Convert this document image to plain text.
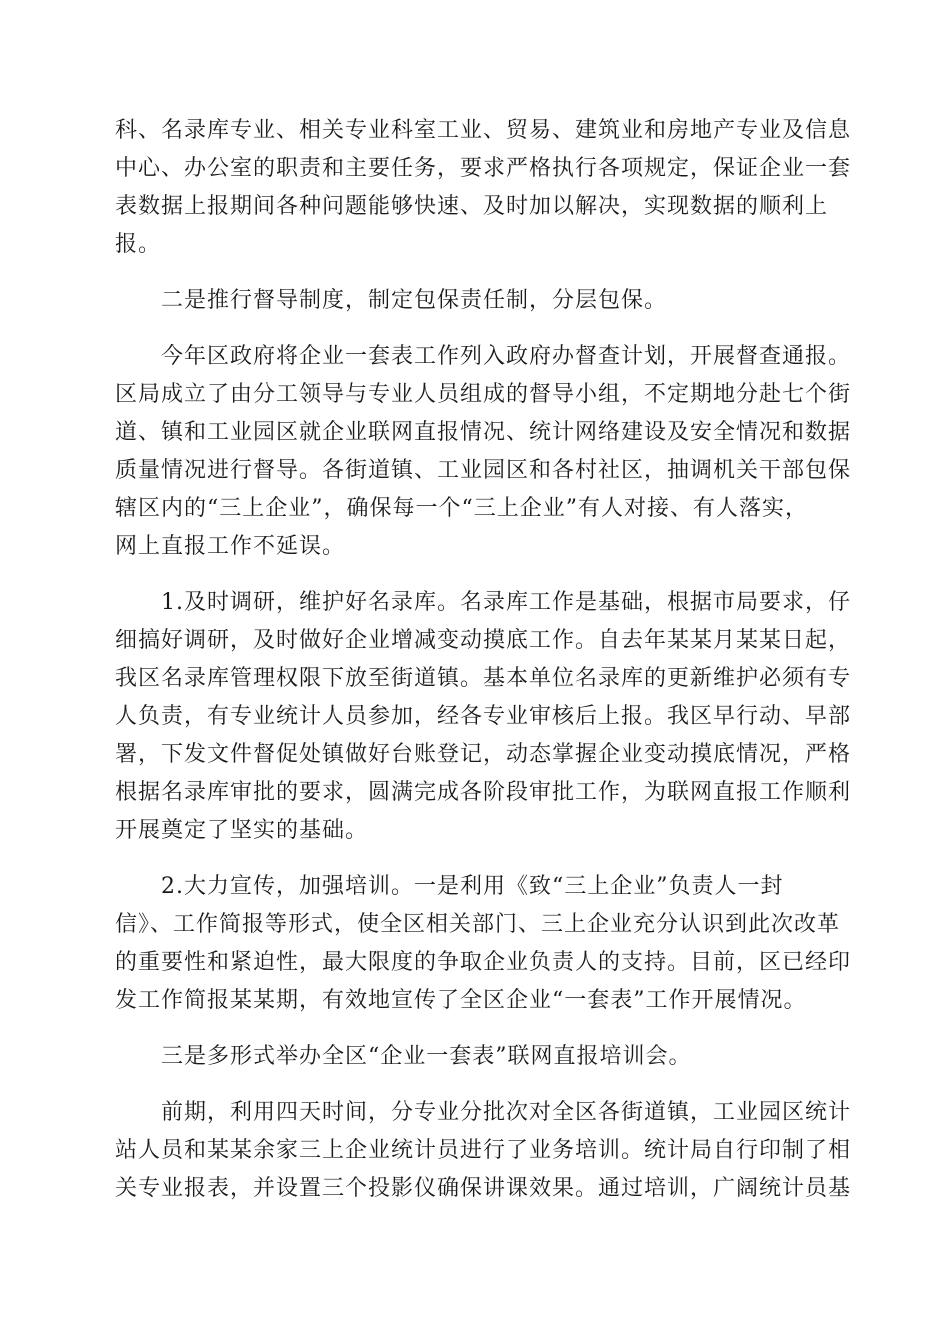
科、名录库专业、相关专业科室工业、贸易、建筑业和房地产专业及信息
中心、办公室的职责和主要任务，要求严格执行各项规定，保证企业一套
表数据上报期间各种问题能够快速、及时加以解决，实现数据的顺利上
报。

二是推行督导制度，制定包保责任制，分层包保。

今年区政府将企业一套表工作列入政府办督查计划，开展督查通报。
区局成立了由分工领导与专业人员组成的督导小组，不定期地分赴七个街
道、镇和工业园区就企业联网直报情况、统计网络建设及安全情况和数据
质量情况进行督导。各街道镇、工业园区和各村社区，抽调机关干部包保
辖区内的“三上企业”，确保每一个“三上企业”有人对接、有人落实，
网上直报工作不延误。

1.及时调研，维护好名录库。名录库工作是基础，根据市局要求，仔
细搞好调研，及时做好企业增减变动摸底工作。自去年某某月某某日起，
我区名录库管理权限下放至街道镇。基本单位名录库的更新维护必须有专
人负责，有专业统计人员参加，经各专业审核后上报。我区早行动、早部
署，下发文件督促处镇做好台账登记，动态掌握企业变动摸底情况，严格
根据名录库审批的要求，圆满完成各阶段审批工作，为联网直报工作顺利
开展奠定了坚实的基础。

2.大力宣传，加强培训。一是利用《致“三上企业”负责人一封
信》、工作简报等形式，使全区相关部门、三上企业充分认识到此次改革
的重要性和紧迫性，最大限度的争取企业负责人的支持。目前，区已经印
发工作简报某某期，有效地宣传了全区企业“一套表”工作开展情况。

三是多形式举办全区“企业一套表”联网直报培训会。

前期，利用四天时间，分专业分批次对全区各街道镇，工业园区统计
站人员和某某余家三上企业统计员进行了业务培训。统计局自行印制了相
关专业报表，并设置三个投影仪确保讲课效果。通过培训，广阔统计员基
